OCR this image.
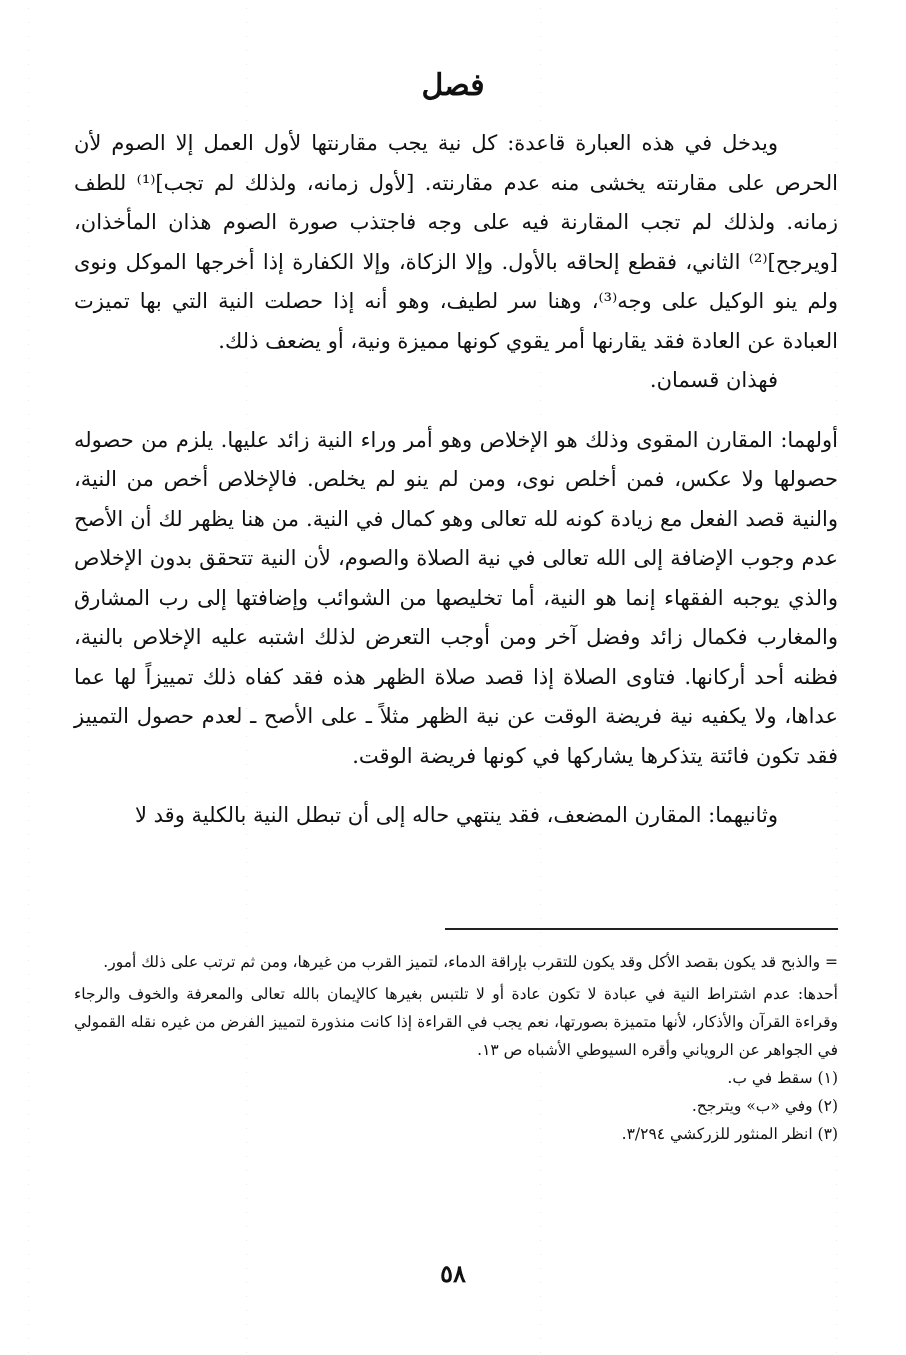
فصل

ويدخل في هذه العبارة قاعدة: كل نية يجب مقارنتها لأول العمل إلا الصوم لأن الحرص على مقارنته يخشى منه عدم مقارنته. [لأول زمانه، ولذلك لم تجب]⁽¹⁾ للطف زمانه. ولذلك لم تجب المقارنة فيه على وجه فاجتذب صورة الصوم هذان المأخذان، [ويرجح]⁽²⁾ الثاني، فقطع إلحاقه بالأول. وإلا الزكاة، وإلا الكفارة إذا أخرجها الموكل ونوى ولم ينو الوكيل على وجه⁽³⁾، وهنا سر لطيف، وهو أنه إذا حصلت النية التي بها تميزت العبادة عن العادة فقد يقارنها أمر يقوي كونها مميزة ونية، أو يضعف ذلك.

فهذان قسمان.

أولهما: المقارن المقوى وذلك هو الإخلاص وهو أمر وراء النية زائد عليها. يلزم من حصوله حصولها ولا عكس، فمن أخلص نوى، ومن لم ينو لم يخلص. فالإخلاص أخص من النية، والنية قصد الفعل مع زيادة كونه لله تعالى وهو كمال في النية. من هنا يظهر لك أن الأصح عدم وجوب الإضافة إلى الله تعالى في نية الصلاة والصوم، لأن النية تتحقق بدون الإخلاص والذي يوجبه الفقهاء إنما هو النية، أما تخليصها من الشوائب وإضافتها إلى رب المشارق والمغارب فكمال زائد وفضل آخر ومن أوجب التعرض لذلك اشتبه عليه الإخلاص بالنية، فظنه أحد أركانها. فتاوى الصلاة إذا قصد صلاة الظهر هذه فقد كفاه ذلك تمييزاً لها عما عداها، ولا يكفيه نية فريضة الوقت عن نية الظهر مثلاً ـ على الأصح ـ لعدم حصول التمييز فقد تكون فائتة يتذكرها يشاركها في كونها فريضة الوقت.

وثانيهما: المقارن المضعف، فقد ينتهي حاله إلى أن تبطل النية بالكلية وقد لا

= والذبح قد يكون بقصد الأكل وقد يكون للتقرب بإراقة الدماء، لتميز القرب من غيرها، ومن ثم ترتب على ذلك أمور.

أحدها: عدم اشتراط النية في عبادة لا تكون عادة أو لا تلتبس بغيرها كالإيمان بالله تعالى والمعرفة والخوف والرجاء وقراءة القرآن والأذكار، لأنها متميزة بصورتها، نعم يجب في القراءة إذا كانت منذورة لتمييز الفرض من غيره نقله القمولي في الجواهر عن الروياني وأقره السيوطي الأشباه ص ١٣.

(١) سقط في ب.

(٢) وفي «ب» ويترجح.

(٣) انظر المنثور للزركشي ٣/٢٩٤.

٥٨
